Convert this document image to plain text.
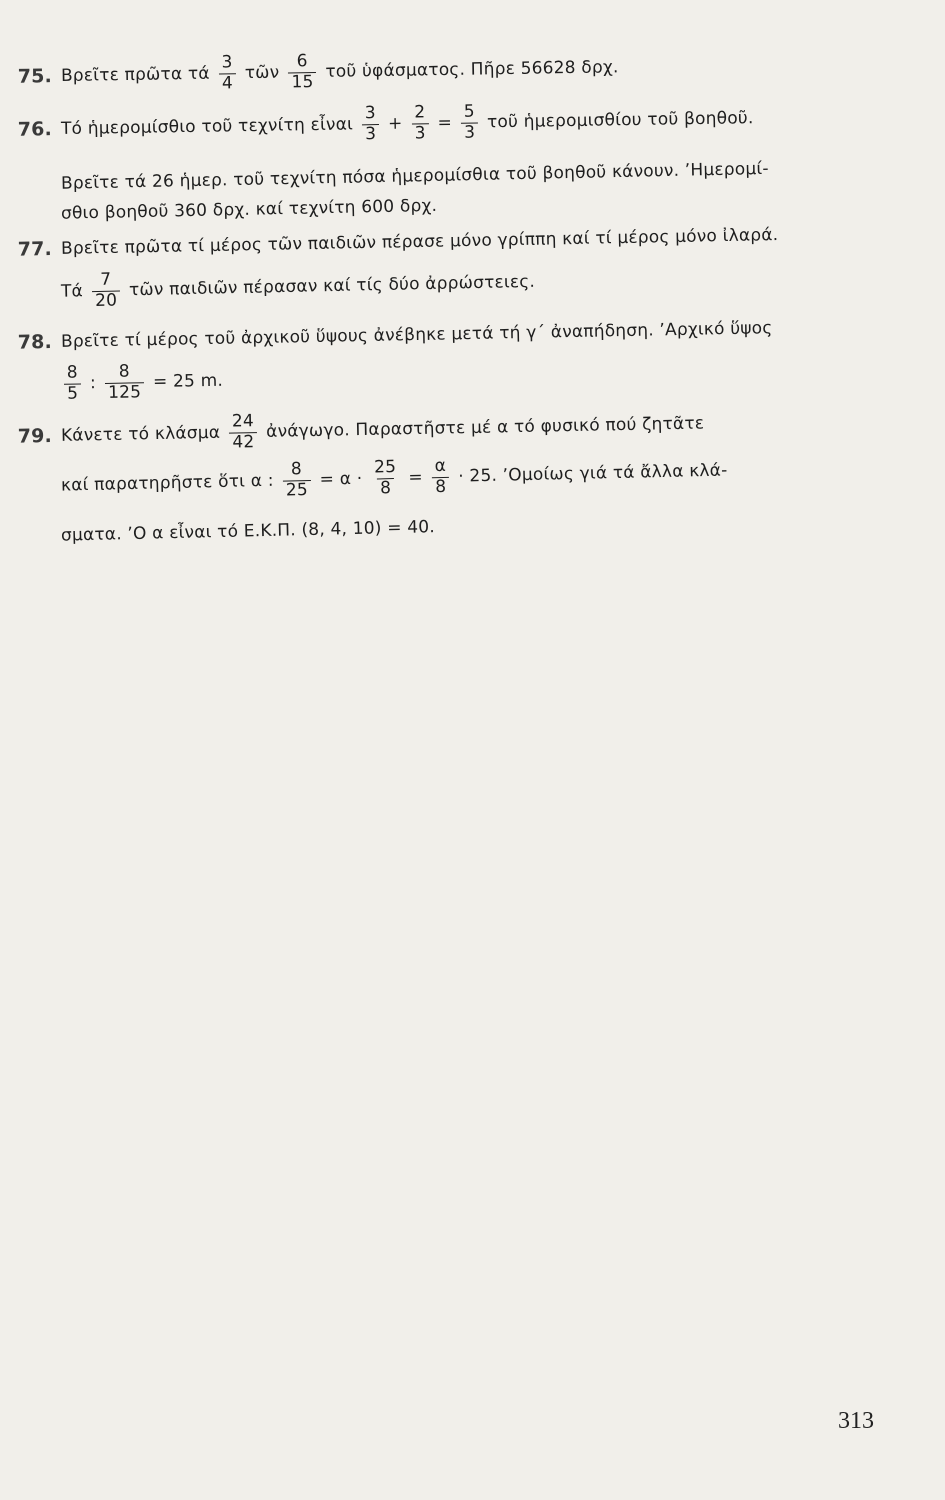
75. Βρεῖτε πρῶτα τά $\frac{3}{4}$ τῶν $\frac{6}{15}$ τοῦ ὑφάσματος. Πῆρε 56628 δρχ.
76. Τό ἡμερομίσθιο τοῦ τεχνίτη εἶναι $\frac{3}{3} + \frac{2}{3} = \frac{5}{3}$ τοῦ ἡμερομισθίου τοῦ βοηθοῦ.
Βρεῖτε τά 26 ἡμερ. τοῦ τεχνίτη πόσα ἡμερομίσθια τοῦ βοηθοῦ κάνουν. ’Ημερομί-
σθιο βοηθοῦ 360 δρχ. καί τεχνίτη 600 δρχ.
77. Βρεῖτε πρῶτα τί μέρος τῶν παιδιῶν πέρασε μόνο γρίππη καί τί μέρος μόνο ἰλαρά.
Τά $\frac{7}{20}$ τῶν παιδιῶν πέρασαν καί τίς δύο ἀρρώστειες.
78. Βρεῖτε τί μέρος τοῦ ἀρχικοῦ ὕψους ἀνέβηκε μετά τή γ΄ ἀναπήδηση. ’Αρχικό ὕψος
$\frac{8}{5}$ : $\frac{8}{125} = 25$ m.
79. Κάνετε τό κλάσμα $\frac{24}{42}$ ἀνάγωγο. Παραστῆστε μέ α τό φυσικό πού ζητᾶτε
καί παρατηρῆστε ὅτι α : $\frac{8}{25} = \alpha \cdot \frac{25}{8} = \frac{\alpha}{8} \cdot 25$. ’Ομοίως γιά τά ἄλλα κλά-
σματα. ’Ο α εἶναι τό Ε.Κ.Π. (8, 4, 10) = 40.
313
